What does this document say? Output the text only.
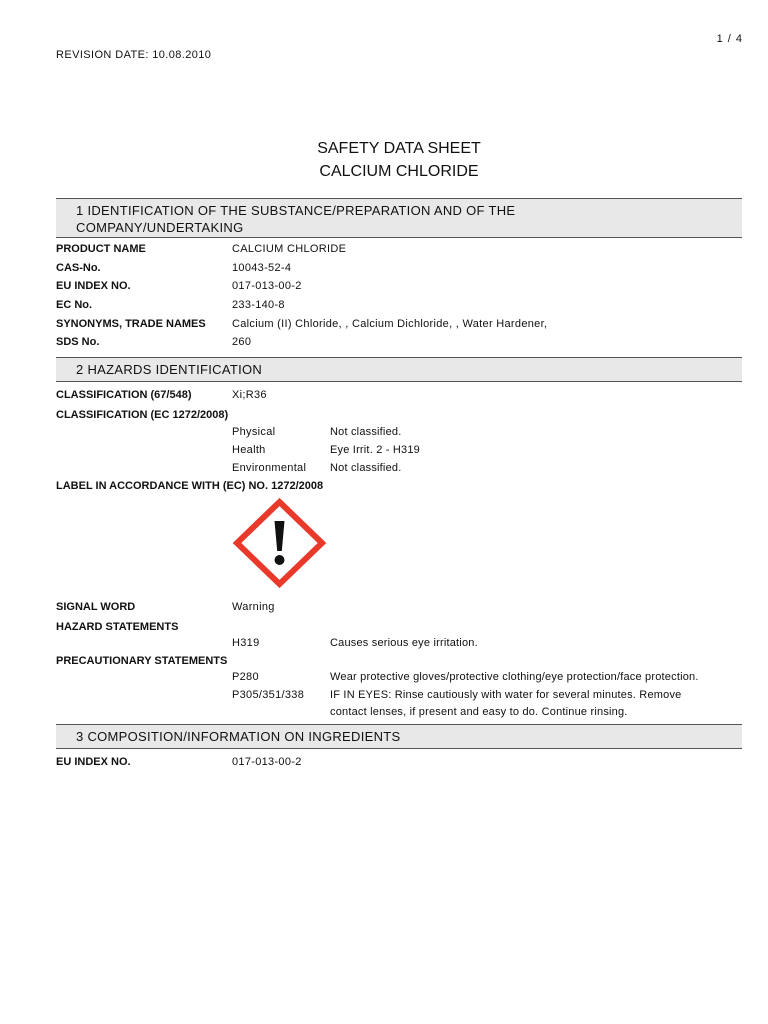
1 / 4
REVISION DATE: 10.08.2010
SAFETY DATA SHEET
CALCIUM CHLORIDE
1 IDENTIFICATION OF THE SUBSTANCE/PREPARATION AND OF THE
COMPANY/UNDERTAKING
PRODUCT NAME	CALCIUM CHLORIDE
CAS-No.	10043-52-4
EU INDEX NO.	017-013-00-2
EC No.	233-140-8
SYNONYMS, TRADE NAMES Calcium (II) Chloride, , Calcium Dichloride, , Water Hardener,
SDS No.	260
2 HAZARDS IDENTIFICATION
CLASSIFICATION (67/548)	Xi;R36
CLASSIFICATION (EC 1272/2008)
Physical	Not classified.
Health	Eye Irrit. 2 - H319
Environmental Not classified.
LABEL IN ACCORDANCE WITH (EC) NO. 1272/2008
SIGNAL WORD	Warning
HAZARD STATEMENTS
H319	Causes serious eye irritation.
PRECAUTIONARY STATEMENTS
P280	Wear protective gloves/protective clothing/eye protection/face protection.
P305/351/338 IF IN EYES: Rinse cautiously with water for several minutes. Remove
contact lenses, if present and easy to do. Continue rinsing.
3 COMPOSITION/INFORMATION ON INGREDIENTS
EU INDEX NO.	017-013-00-2
